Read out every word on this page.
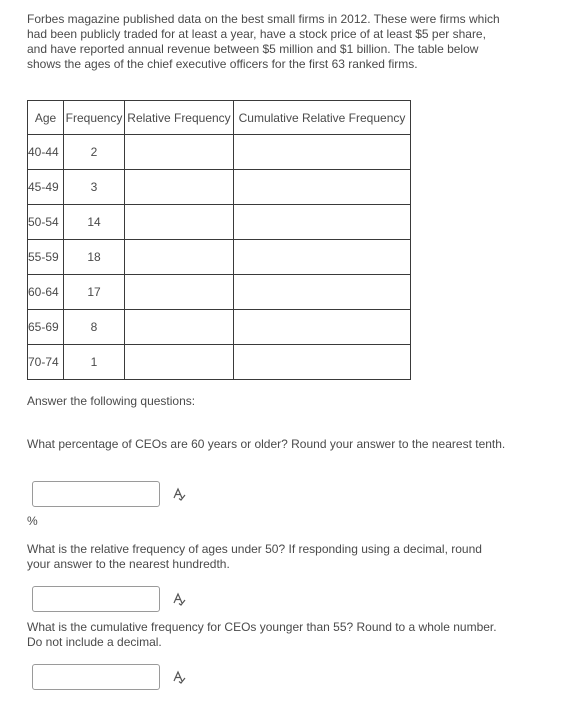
Forbes magazine published data on the best small firms in 2012. These were firms which had been publicly traded for at least a year, have a stock price of at least $5 per share, and have reported annual revenue between $5 million and $1 billion. The table below shows the ages of the chief executive officers for the first 63 ranked firms.

Age	Frequency	Relative Frequency	Cumulative Relative Frequency
40-44	2		
45-49	3		
50-54	14		
55-59	18		
60-64	17		
65-69	8		
70-74	1		

Answer the following questions:

What percentage of CEOs are 60 years or older? Round your answer to the nearest tenth.

%

What is the relative frequency of ages under 50? If responding using a decimal, round your answer to the nearest hundredth.

What is the cumulative frequency for CEOs younger than 55? Round to a whole number. Do not include a decimal.
